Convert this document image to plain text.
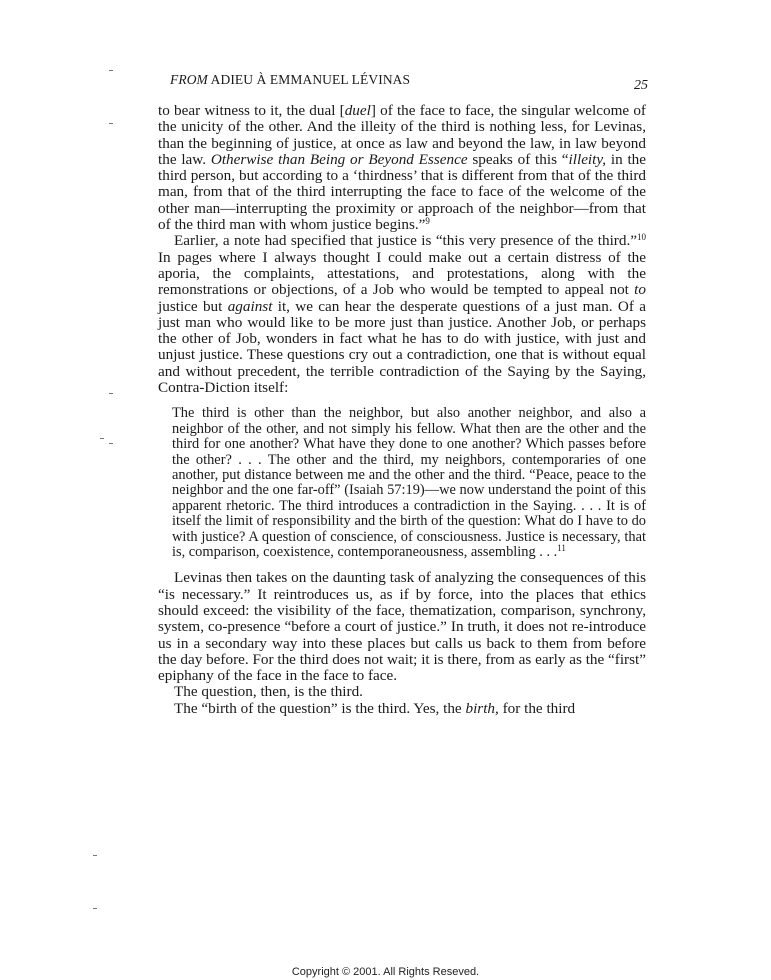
FROM ADIEU À EMMANUEL LÉVINAS	25

to bear witness to it, the dual [duel] of the face to face, the singular welcome of the unicity of the other. And the illeity of the third is nothing less, for Levinas, than the beginning of justice, at once as law and beyond the law, in law beyond the law. Otherwise than Being or Beyond Essence speaks of this “illeity, in the third person, but according to a ‘thirdness’ that is different from that of the third man, from that of the third interrupting the face to face of the welcome of the other man—interrupting the proximity or approach of the neighbor—from that of the third man with whom justice begins.”$^9$

Earlier, a note had specified that justice is “this very presence of the third.”$^{10}$ In pages where I always thought I could make out a certain distress of the aporia, the complaints, attestations, and protestations, along with the remonstrations or objections, of a Job who would be tempted to appeal not to justice but against it, we can hear the desperate questions of a just man. Of a just man who would like to be more just than justice. Another Job, or perhaps the other of Job, wonders in fact what he has to do with justice, with just and unjust justice. These questions cry out a contradiction, one that is without equal and without precedent, the terrible contradiction of the Saying by the Saying, Contra-Diction itself:

The third is other than the neighbor, but also another neighbor, and also a neighbor of the other, and not simply his fellow. What then are the other and the third for one another? What have they done to one another? Which passes before the other? . . . The other and the third, my neighbors, contemporaries of one another, put distance between me and the other and the third. “Peace, peace to the neighbor and the one far-off” (Isaiah 57:19)—we now understand the point of this apparent rhetoric. The third introduces a contradiction in the Saying. . . . It is of itself the limit of responsibility and the birth of the question: What do I have to do with justice? A question of conscience, of consciousness. Justice is necessary, that is, comparison, coexistence, contemporaneousness, assembling . . .$^{11}$

Levinas then takes on the daunting task of analyzing the consequences of this “is necessary.” It reintroduces us, as if by force, into the places that ethics should exceed: the visibility of the face, thematization, comparison, synchrony, system, co-presence “before a court of justice.” In truth, it does not re-introduce us in a secondary way into these places but calls us back to them from before the day before. For the third does not wait; it is there, from as early as the “first” epiphany of the face in the face to face.

The question, then, is the third.

The “birth of the question” is the third. Yes, the birth, for the third

Copyright © 2001. All Rights Reseved.
